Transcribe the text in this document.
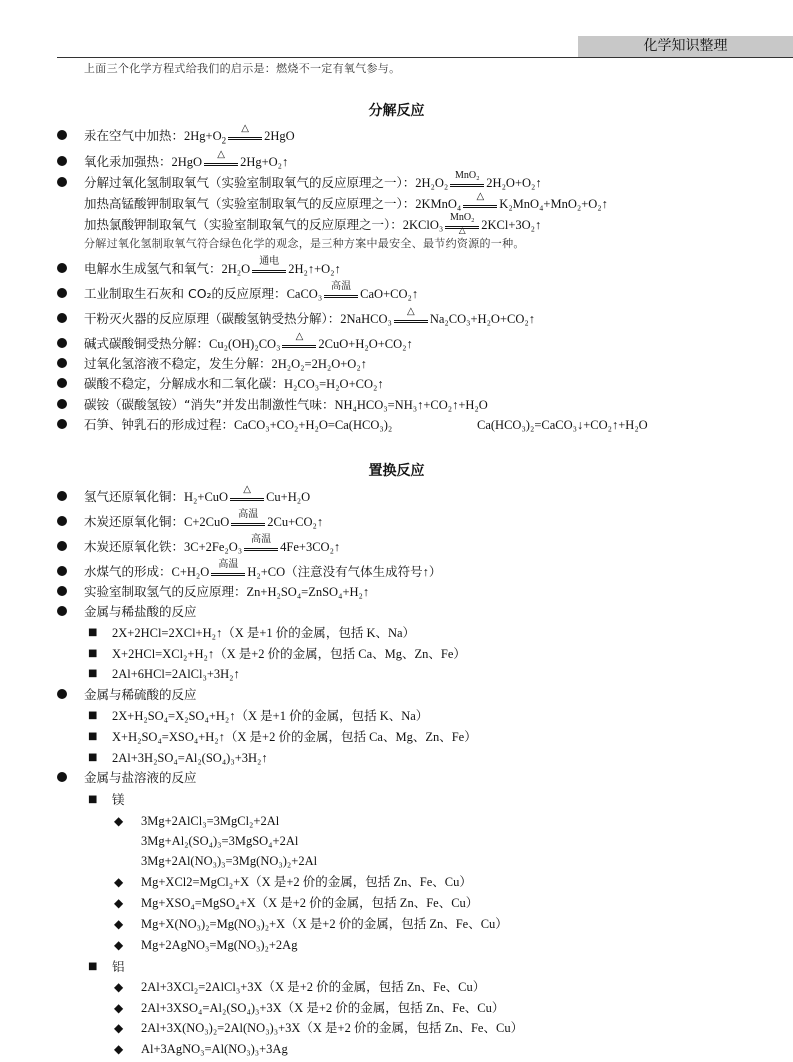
化学知识整理
上面三个化学方程式给我们的启示是：燃烧不一定有氧气参与。
分解反应
汞在空气中加热：$2Hg+O_2$
△
2HgO
氧化汞加强热：2HgO
△
2Hg+O₂↑
分解过氧化氢制取氧气（实验室制取氧气的反应原理之一）：2H₂O₂
MnO₂
2H₂O+O₂↑
加热高锰酸钾制取氧气（实验室制取氧气的反应原理之一）：2KMnO₄
△
K₂MnO₄+MnO₂+O₂↑
加热氯酸钾制取氧气（实验室制取氧气的反应原理之一）：2KClO₃
MnO₂
△	2KCl+3O₂↑
分解过氧化氢制取氧气符合绿色化学的观念，是三种方案中最安全、最节约资源的一种。
电解水生成氢气和氧气：2H₂O
通电
2H₂↑+O₂↑
工业制取生石灰和 CO₂的反应原理：CaCO₃
高温
CaO+CO₂↑
干粉灭火器的反应原理（碳酸氢钠受热分解）：2NaHCO₃
△
Na₂CO₃+H₂O+CO₂↑
碱式碳酸铜受热分解：Cu₂(OH)₂CO₃
△
2CuO+H₂O+CO₂↑
过氧化氢溶液不稳定，发生分解：2H₂O₂=2H₂O+O₂↑
碳酸不稳定，分解成水和二氧化碳：H₂CO₃=H₂O+CO₂↑
碳铵（碳酸氢铵）“消失”并发出制激性气味：NH₄HCO₃=NH₃↑+CO₂↑+H₂O
石笋、钟乳石的形成过程：CaCO₃+CO₂+H₂O=Ca(HCO₃)₂	Ca(HCO₃)₂=CaCO₃↓+CO₂↑+H₂O
置换反应
氢气还原氧化铜：H₂+CuO
△
Cu+H₂O
木炭还原氧化铜：C+2CuO
高温
2Cu+CO₂↑
木炭还原氧化铁：3C+2Fe₂O₃
高温
4Fe+3CO₂↑
水煤气的形成：C+H₂O
高温
H₂+CO（注意没有气体生成符号↑）
实验室制取氢气的反应原理：Zn+H₂SO₄=ZnSO₄+H₂↑
金属与稀盐酸的反应
■ 2X+2HCl=2XCl+H₂↑（X 是+1 价的金属，包括 K、Na）
■ X+2HCl=XCl₂+H₂↑（X 是+2 价的金属，包括 Ca、Mg、Zn、Fe）
■ 2Al+6HCl=2AlCl₃+3H₂↑
金属与稀硫酸的反应
■ 2X+H₂SO₄=X₂SO₄+H₂↑（X 是+1 价的金属，包括 K、Na）
■ X+H₂SO₄=XSO₄+H₂↑（X 是+2 价的金属，包括 Ca、Mg、Zn、Fe）
■ 2Al+3H₂SO₄=Al₂(SO₄)₃+3H₂↑
金属与盐溶液的反应
■ 镁
◆ 3Mg+2AlCl₃=3MgCl₂+2Al
3Mg+Al₂(SO₄)₃=3MgSO₄+2Al
3Mg+2Al(NO₃)₃=3Mg(NO₃)₂+2Al
◆ Mg+XCl2=MgCl₂+X（X 是+2 价的金属，包括 Zn、Fe、Cu）
◆ Mg+XSO₄=MgSO₄+X（X 是+2 价的金属，包括 Zn、Fe、Cu）
◆ Mg+X(NO₃)₂=Mg(NO₃)₂+X（X 是+2 价的金属，包括 Zn、Fe、Cu）
◆ Mg+2AgNO₃=Mg(NO₃)₂+2Ag
■ 铝
◆ 2Al+3XCl₂=2AlCl₃+3X（X 是+2 价的金属，包括 Zn、Fe、Cu）
◆ 2Al+3XSO₄=Al₂(SO₄)₃+3X（X 是+2 价的金属，包括 Zn、Fe、Cu）
◆ 2Al+3X(NO₃)₂=2Al(NO₃)₃+3X（X 是+2 价的金属，包括 Zn、Fe、Cu）
◆ Al+3AgNO₃=Al(NO₃)₃+3Ag
